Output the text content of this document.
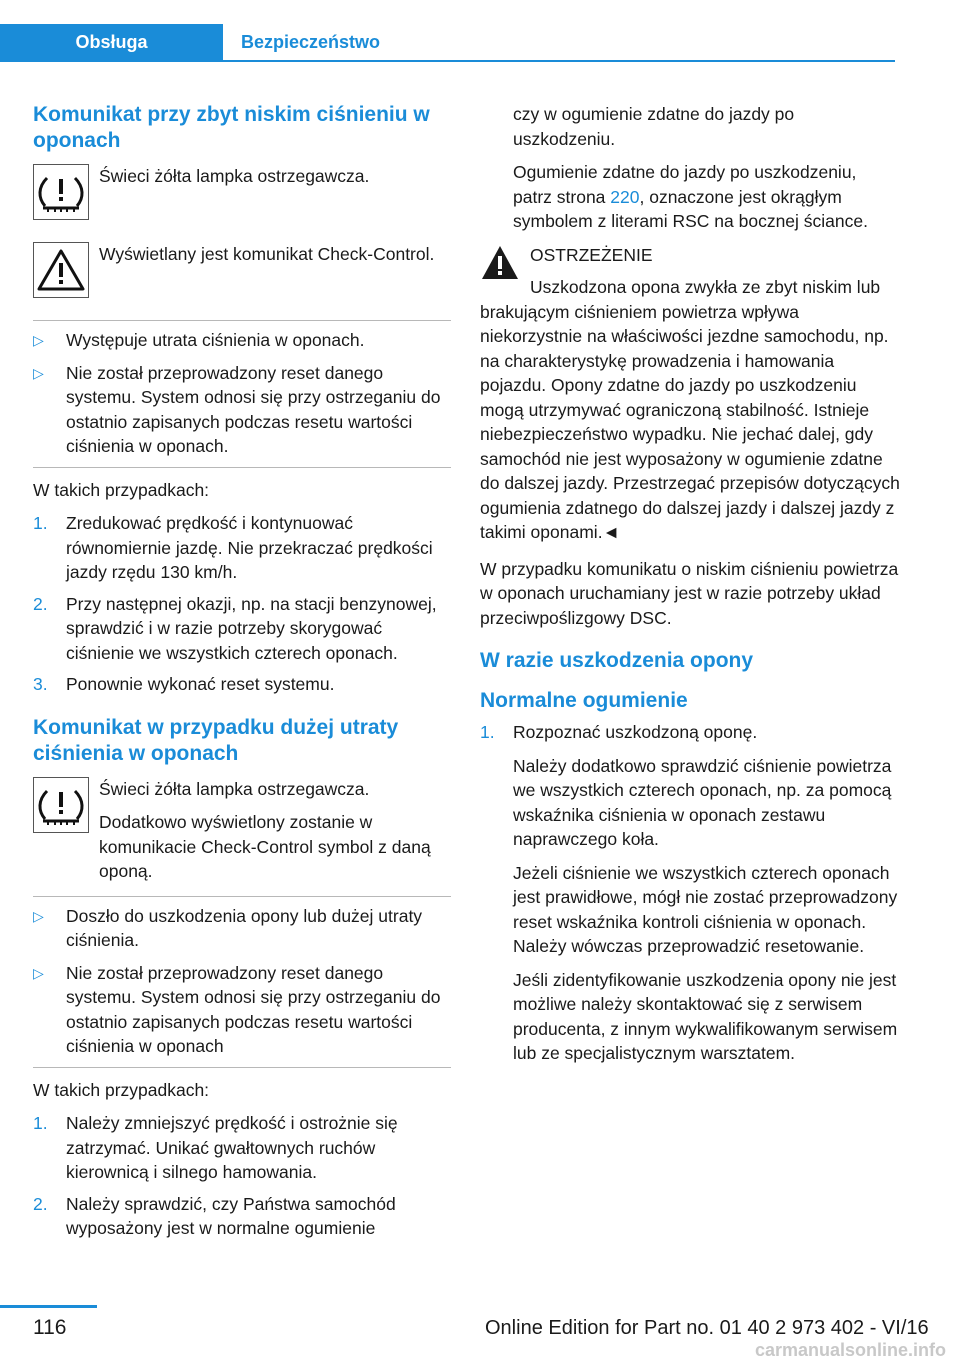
Obsługa	Bezpieczeństwo
Komunikat przy zbyt niskim ciśnieniu w oponach
Świeci żółta lampka ostrzegawcza.
Wyświetlany jest komunikat Check-Control.
▷ Występuje utrata ciśnienia w oponach.
▷ Nie został przeprowadzony reset danego systemu. System odnosi się przy ostrzeganiu do ostatnio zapisanych podczas resetu wartości ciśnienia w oponach.

W takich przypadkach:

1. Zredukować prędkość i kontynuować równomiernie jazdę. Nie przekraczać prędkości jazdy rzędu 130 km/h.
2. Przy następnej okazji, np. na stacji benzynowej, sprawdzić i w razie potrzeby skorygować ciśnienie we wszystkich czterech oponach.
3. Ponownie wykonać reset systemu.
Komunikat w przypadku dużej utraty ciśnienia w oponach

Świeci żółta lampka ostrzegawcza.

Dodatkowo wyświetlony zostanie w komunikacie Check-Control symbol z daną oponą.

▷ Doszło do uszkodzenia opony lub dużej utraty ciśnienia.
▷ Nie został przeprowadzony reset danego systemu. System odnosi się przy ostrzeganiu do ostatnio zapisanych podczas resetu wartości ciśnienia w oponach

W takich przypadkach:

1. Należy zmniejszyć prędkość i ostrożnie się zatrzymać. Unikać gwałtownych ruchów kierownicą i silnego hamowania.
2. Należy sprawdzić, czy Państwa samochód wyposażony jest w normalne ogumienie

czy w ogumienie zdatne do jazdy po uszkodzeniu.

Ogumienie zdatne do jazdy po uszkodzeniu, patrz strona 220, oznaczone jest okrągłym symbolem z literami RSC na bocznej ściance.

OSTRZEŻENIE

Uszkodzona opona zwykła ze zbyt niskim lub brakującym ciśnieniem powietrza wpływa niekorzystnie na właściwości jezdne samochodu, np. na charakterystykę prowadzenia i hamowania pojazdu. Opony zdatne do jazdy po uszkodzeniu mogą utrzymywać ograniczoną stabilność. Istnieje niebezpieczeństwo wypadku. Nie jechać dalej, gdy samochód nie jest wyposażony w ogumienie zdatne do dalszej jazdy. Przestrzegać przepisów dotyczących ogumienia zdatnego do dalszej jazdy i dalszej jazdy z takimi oponami.◄

W przypadku komunikatu o niskim ciśnieniu powietrza w oponach uruchamiany jest w razie potrzeby układ przeciwpoślizgowy DSC.

W razie uszkodzenia opony
Normalne ogumienie
1. Rozpoznać uszkodzoną oponę.

Należy dodatkowo sprawdzić ciśnienie powietrza we wszystkich czterech oponach, np. za pomocą wskaźnika ciśnienia w oponach zestawu naprawczego koła.

Jeżeli ciśnienie we wszystkich czterech oponach jest prawidłowe, mógł nie zostać przeprowadzony reset wskaźnika kontroli ciśnienia w oponach. Należy wówczas przeprowadzić resetowanie.

Jeśli zidentyfikowanie uszkodzenia opony nie jest możliwe należy skontaktować się z serwisem producenta, z innym wykwalifikowanym serwisem lub ze specjalistycznym warsztatem.

116	Online Edition for Part no. 01 40 2 973 402 - VI/16
carmanualsonline.info
